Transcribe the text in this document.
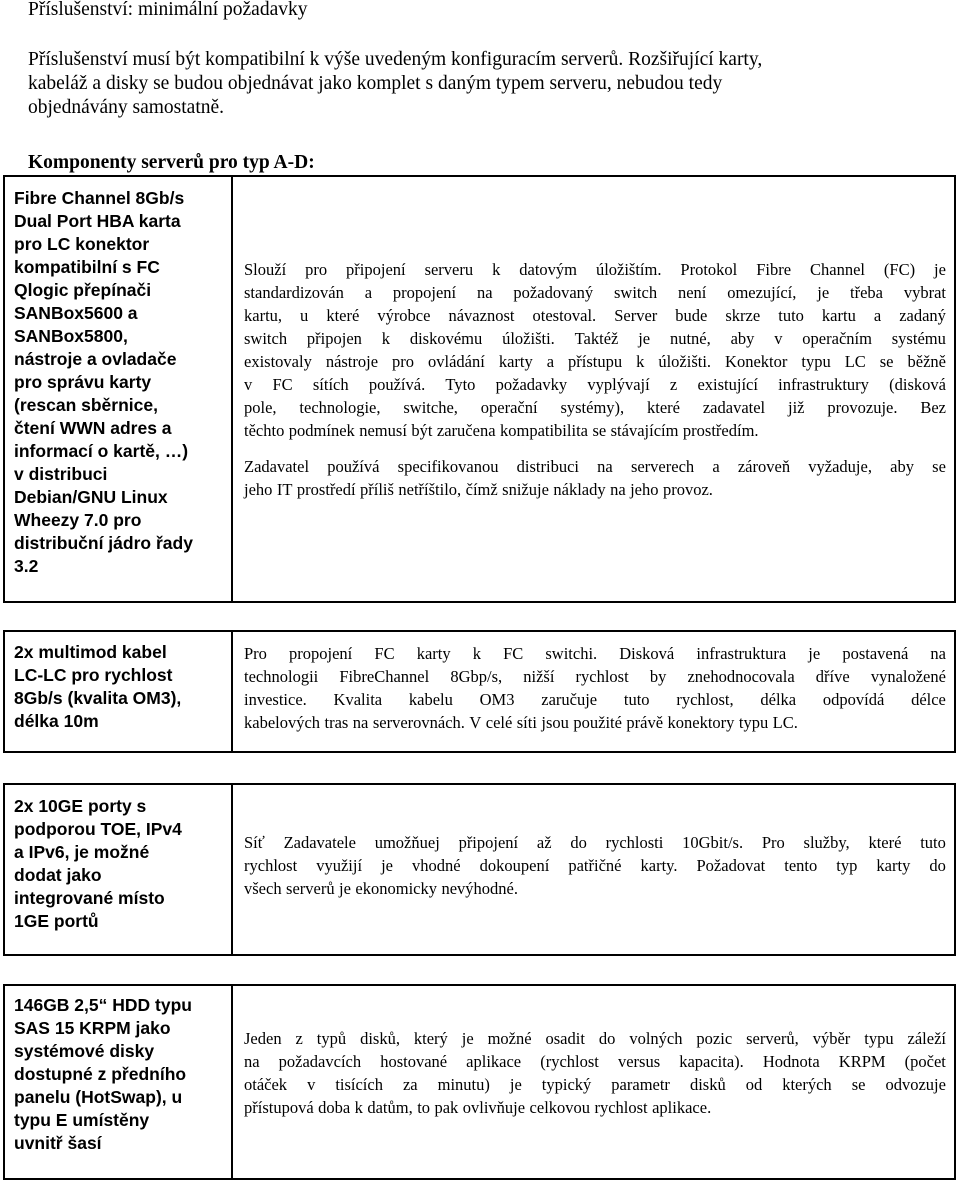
Příslušenství: minimální požadavky
Příslušenství musí být kompatibilní k výše uvedeným konfiguracím serverů. Rozšiřující karty,
kabeláž a disky se budou objednávat jako komplet s daným typem serveru, nebudou tedy
objednávány samostatně.
Komponenty serverů pro typ A-D:
Fibre Channel 8Gb/s
Dual Port HBA karta
pro LC konektor
kompatibilní s FC
Qlogic přepínači
SANBox5600 a
SANBox5800,
nástroje a ovladače
pro správu karty
(rescan sběrnice,
čtení WWN adres a
informací o kartě, …)
v distribuci
Debian/GNU Linux
Wheezy 7.0 pro
distribuční jádro řady
3.2
Slouží pro připojení serveru k datovým úložištím. Protokol Fibre Channel (FC) je
standardizován a propojení na požadovaný switch není omezující, je třeba vybrat
kartu, u které výrobce návaznost otestoval. Server bude skrze tuto kartu a zadaný
switch připojen k diskovému úložišti. Taktéž je nutné, aby v operačním systému
existovaly nástroje pro ovládání karty a přístupu k úložišti. Konektor typu LC se běžně
v FC sítích používá. Tyto požadavky vyplývají z existující infrastruktury (disková
pole, technologie, switche, operační systémy), které zadavatel již provozuje. Bez
těchto podmínek nemusí být zaručena kompatibilita se stávajícím prostředím.
Zadavatel používá specifikovanou distribuci na serverech a zároveň vyžaduje, aby se
jeho IT prostředí příliš netříštilo, čímž snižuje náklady na jeho provoz.
2x multimod kabel
LC-LC pro rychlost
8Gb/s (kvalita OM3),
délka 10m
Pro propojení FC karty k FC switchi. Disková infrastruktura je postavená na
technologii FibreChannel 8Gbp/s, nižší rychlost by znehodnocovala dříve vynaložené
investice. Kvalita kabelu OM3 zaručuje tuto rychlost, délka odpovídá délce
kabelových tras na serverovnách. V celé síti jsou použité právě konektory typu LC.
2x 10GE porty s
podporou TOE, IPv4
a IPv6, je možné
dodat jako
integrované místo
1GE portů
Síť Zadavatele umožňuej připojení až do rychlosti 10Gbit/s. Pro služby, které tuto
rychlost využijí je vhodné dokoupení patřičné karty. Požadovat tento typ karty do
všech serverů je ekonomicky nevýhodné.
146GB 2,5“ HDD typu
SAS 15 KRPM jako
systémové disky
dostupné z předního
panelu (HotSwap), u
typu E umístěny
uvnitř šasí
Jeden z typů disků, který je možné osadit do volných pozic serverů, výběr typu záleží
na požadavcích hostované aplikace (rychlost versus kapacita). Hodnota KRPM (počet
otáček v tisících za minutu) je typický parametr disků od kterých se odvozuje
přístupová doba k datům, to pak ovlivňuje celkovou rychlost aplikace.
